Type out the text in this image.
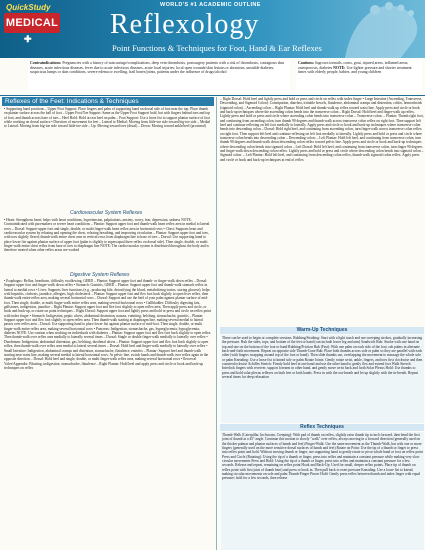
QuickStudy
MEDICAL
✚
WORLD'S #1 ACADEMIC OUTLINE
Reflexology
Point Functions & Techniques for Foot, Hand & Ear Reflexes
Contraindications: Pregnancies with a history of miscarriage/complications, deep vein thrombosis, postsurgery patients with a risk of thrombosis, contagious skin diseases, acute infectious diseases, fever due to acute infectious diseases, acute local injuries; local open wounds/skin lesions or abrasions, unstable diabetes, suspicious lumps or skin conditions, severe edema or swelling, frail bones/joints, patients under the influence of drugs/alcohol
Cautions: Ingrown toenails, corns, gout, injured areas, inflamed areas, osteoporosis, diabetes NOTE: Use lighter pressure and shorter treatment times with elderly people, babies, and young children
Reflexes of the Feet: Indications & Techniques

• Supporting hand positions – Upper Foot Support: Place fingers and palm of supporting hand on dorsal side of foot near the top. Place thumb on plantar surface across the ball of foot – Upper Foot/Toe Support: Same as the Upper Foot Support hold, but with fingers behind toes and top of foot, and thumb across base of toes – Heel Hold: Hold at rear heel on palm – Foot Support: Use a loose fist to support plantar surface of foot while working on dorsal surface • Direction of movement for feet – Lateral to Medial: Moving from little-toe side toward big-toe side – Medial to Lateral: Moving from big-toe side toward little-toe side – Up: Moving toward toes (distal) – Down: Moving toward ankle/heel (proximal)

Cardiovascular System Reflexes

• Heart: Strengthens heart; helps with heart conditions, hypertension, palpitations, anxiety, worry, fear, depression, sadness NOTE: Contraindicated with pacemakers or severe heart conditions – Plantar: Support upper foot and thumb-walk heart reflex area in medial to lateral rows – Dorsal: Support upper foot and single, double, or multi finger-walk heart reflex area in horizontal rows • Chest: Supports heart and cardiovascular system by relaxing and opening the chest, relaxing breathing, and improving circulation – Plantar: Support upper foot and toes, with toes slightly flexed; thumb-walk entire chest area in vertical rows from diaphragm line to base of toes – Dorsal: Use supporting hand to place lower fist against plantar surface of upper foot (palm is slightly to supercapsal three reflex on dorsal side). Then single, double, or multi finger-walk entire chest reflex from base of toes to diaphragm line NOTE: The cardiovascular system is distributed throughout the body and is therefore treated when other reflex areas are worked

Digestive System Reflexes

• Esophagus: Reflux, heartburn, difficulty swallowing, GERD – Plantar: Support upper foot and thumb- or finger-walk down reflex – Dorsal: Support upper foot and finger-walk down reflex • Stomach: Gastritis, GERD – Plantar: Support upper foot and thumb-walk stomach reflex in lateral to medial rows • Liver: Supports liver functions (e.g., producing bile, detoxifying the blood, metabolizing toxins, storing glucose); helps with hepatitis, cirrhosis, jaundice, allergies, high cholesterol – Plantar: Support upper foot and flex foot back slightly to open liver reflex, then thumb-walk entire reflex area, making several horizontal rows – Dorsal: Support and use the heel of your palm against plantar surface of mid-foot. Then single, double, or multi finger-walk entire reflex area, making several horizontal rows • Gallbladder: Difficulty digesting fats, gallstones, indigestion, jaundice – Right Plantar: Support upper foot and flex foot slightly to open reflex area. Then apply press and circle, or hook and back-up, or rotate on point techniques – Right Dorsal: Support upper foot and lightly press and hold or press and circle on reflex point with index finger • Stomach: Indigestion, peptic ulcers, abdominal distention, nausea, vomiting, belching, stomachache, gastritis – Plantar: Support upper foot and flex foot slightly to open reflex area. Then thumb-walk starting at diaphragm line, making several medial to lateral passes over reflex area – Dorsal: Use supporting hand to place lower fist against plantar surface of mid-foot. Then single, double, or multi finger-walk entire reflex area, making several horizontal rows • Pancreas: Indigestion, stomachache, gas, hyperglycemia, hypoglycemia, diabetes NOTE: Use caution when working on individuals with diabetes – Plantar: Support upper foot and flex foot back slightly to open reflex. Then thumb-walk over reflex area medially to laterally several times – Dorsal: Single or double finger-walk medially to laterally over reflex • Duodenum: Indigestion, abdominal distention, gas, belching, duodenal ulcers – Plantar: Support upper foot and flex foot back slightly to open reflex, then thumb-walk over reflex area medial to lateral several times – Dorsal: Hold heel and finger-walk medially to laterally over reflex • Small Intestine: Indigestion, abdominal cramps and distention, stomachache, flatulence, enteritis – Plantar: Support heel and thumb-walk starting near waist line, making several medial to lateral horizontal rows. At pelvic line, switch hands and thumb-walk over reflex again in the opposite direction – Dorsal: Hold heel and single, double, or multi finger-walk reflex area, making several horizontal rows • Ileocecal Valve/Appendix: Bloating, indigestion, stomachache, flatulence – Right Plantar: Hold heel and apply press and circle or hook and back-up techniques on reflex

– Right Dorsal: Hold heel and lightly press and hold or press and circle on reflex with index finger • Large Intestine (Ascending, Transverse, Descending, and Sigmoid Colon): Constipation, diarrhea, irritable bowels, flatulence, abdominal cramps and distention, colitis, hemorrhoids (sigmoid colon) – Ascending colon: – Right Plantar: Hold heel and thumb-walk up reflex toward waist line. Apply press and circle or hook and back-up techniques where the ascending colon bends into the transverse colon – Right Dorsal: Hold heel and finger-walk up reflex. Lightly press and hold or press and circle where ascending colon bends into transverse colon – Transverse colon: – Plantar: Thumb right foot, and continuing from ascending colon, turn thumb 90 degrees and thumb-walk across transverse colon reflex on right foot. Then support left heel and continue reflexing on left foot medially to laterally. Apply press and circle or hook and back-up techniques where transverse colon bends into descending colon – Dorsal: Hold right heel, and continuing from ascending colon, turn finger-walk across transverse colon reflex on right foot. Then support left heel and continue reflexing on left foot medially to laterally. Lightly press and hold or press and circle where transverse colon bends into descending colon – Descending colon: – Left Plantar: Hold left heel, and continuing from transverse colon, turn thumb 90 degrees and thumb-walk down descending colon reflex toward pelvic line. Apply press and circle or hook and back-up techniques where descending colon bends into sigmoid colon – Left Dorsal: Hold left heel, and continuing from transverse colon, turn finger 90 degrees and finger-walk down descending colon reflex. Lightly press and hold or press and circle where descending colon bends into sigmoid colon – Sigmoid colon: – Left Plantar: Hold left heel, and continuing from descending colon reflex, thumb-walk sigmoid colon reflex. Apply press and circle or hook and back-up techniques at end of reflex

Warm-Up Techniques

These can be used to begin or complete sessions. Rubbing/Stroking: Start with a light touch and use sweeping strokes, gradually increasing the pressure. Rub the sides, tops, and bottom of the feet or hand (can include lower leg and arm) Sandwich Rub: Stroke with one hand on top and one on the bottom of the foot or hand Rubbing/Friction Rub (Fast): With one palm on each side of the foot, rub palms in alternate back-and-forth movement. Repeat on opposite side Thumb-Cone Rub: Place both thumbs across sole or palm so they are parallel with each other (with fingers wrapping around top of the foot or hand). Then slide thumbs out, overlapping the movement to massage the whole sole or palm Kneading: Use a loose fist to knead sole or palm Rotate Joints: Gently rotate wrist, ankle, fingers, and toes first clockwise and then counterclockwise Achilles Stretch: Firmly hold heel in one hand and use the other hand to gently flex and extend foot Walk Stretch: Interlock fingers with receiver, support forearm in other hand, and gently move wrist back and forth Solar Plexus Hold: Use thumbs to press and hold solar plexus reflexes on both feet or both hands. Press in with the out-breath and let up slightly with the in-breath. Repeat several times for deep relaxation

Reflex Techniques

Thumb-Walk (Caterpillar, Inchworm, Creeping): With pad of thumb on reflex, slightly raise thumb tip to inch forward, then bend the first joint of thumb at a 45° angle. Continue this motion to slowly "walk" over reflex, always moving in a forward direction (generally used on the thicker palmar and plantar surfaces of hands and feet) Finger-Walk: Use the same movement as the Thumb-Walk, but with one or more fingers (generally used on the more sensitive dorsal surfaces of hands and feet) Rotate on Point: Use the tip of a thumb or finger to press into reflex point and hold. Without moving thumb or finger, use supporting hand to gently rotate or pivot whole hand or foot on reflex point Press and Circle (Rotating): Using the tip of a thumb or finger, press into reflex and maintain a constant pressure while making very slow circular movements Press and Hold: Using the tip of a thumb or finger, press into reflex and maintain a constant pressure for a few seconds. Release and repeat, remaining on reflex point Hook and Back-Up: Used for small, deeper reflex points. Place tip of thumb on reflex point with first joint of thumb bent) and press or hook in. Then pull back to exert pressure Kneading: Use a loose fist to knead, making circular movements on sole and palm Thumb-Finger Pincer Hold: Gently press reflex between thumb and index finger with equal pressure; hold for a few seconds, then release
